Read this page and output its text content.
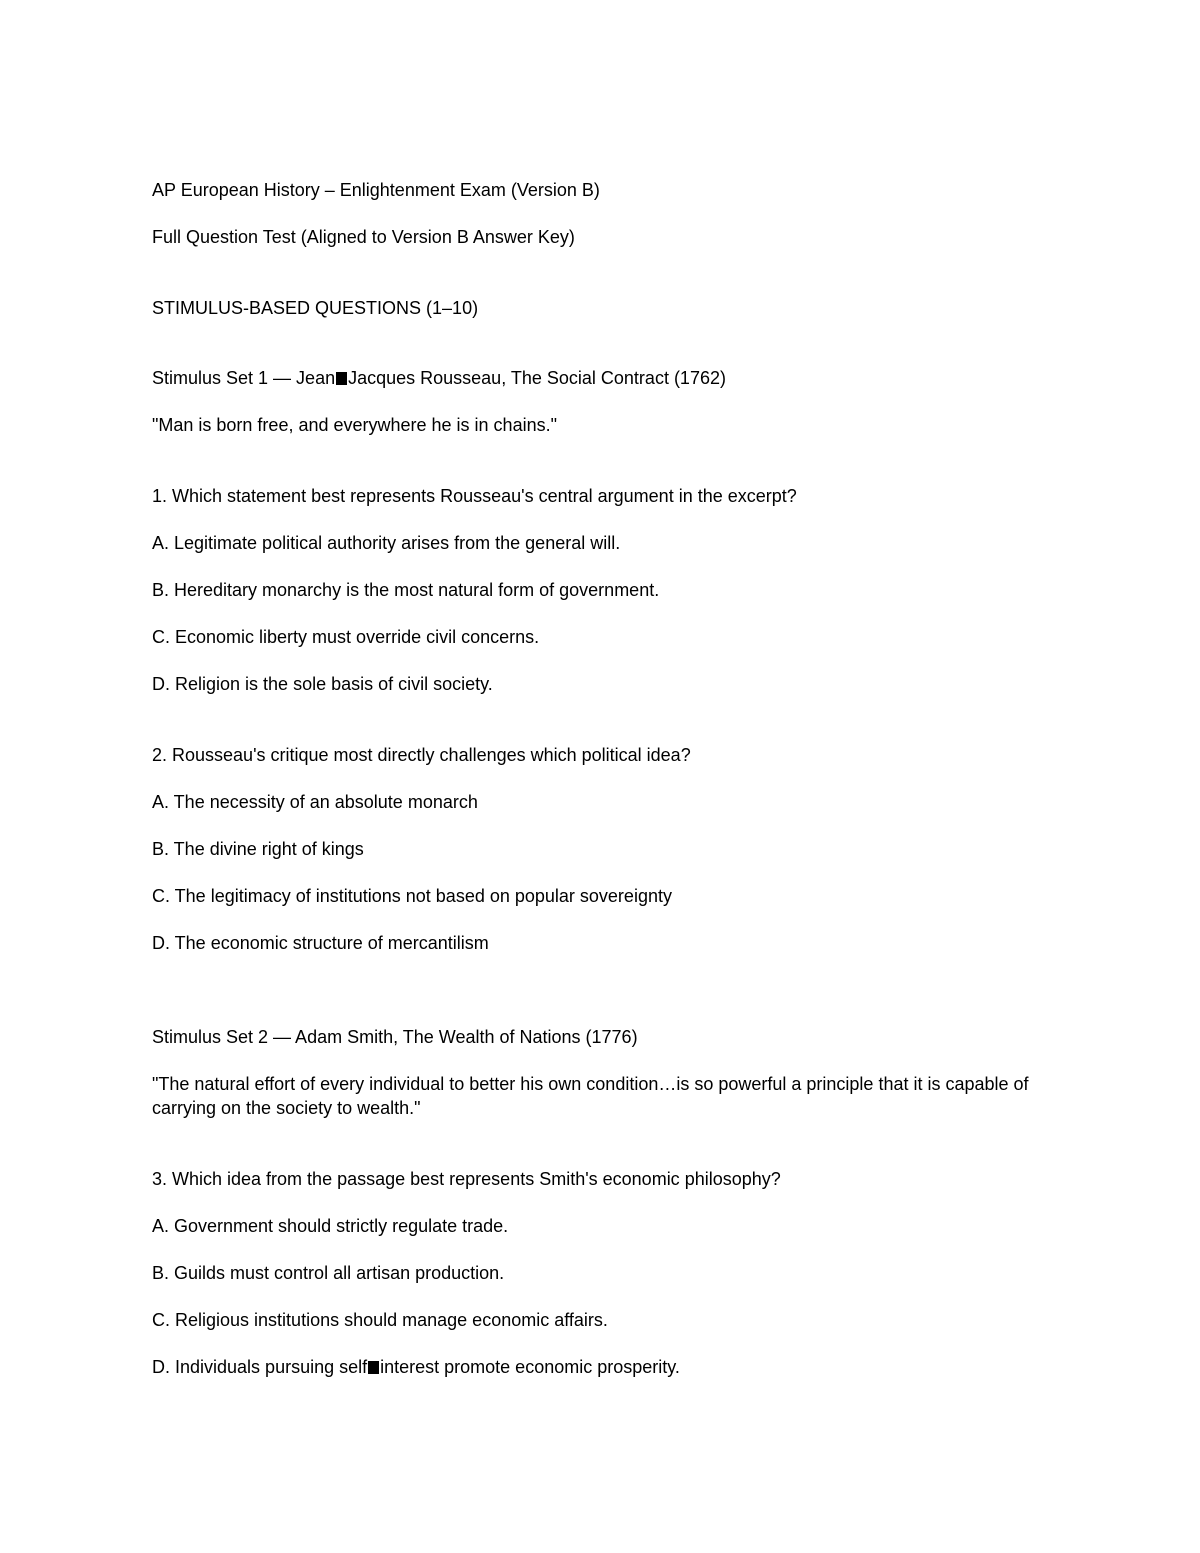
AP European History – Enlightenment Exam (Version B)
Full Question Test (Aligned to Version B Answer Key)
STIMULUS-BASED QUESTIONS (1–10)
Stimulus Set 1 — Jean Jacques Rousseau, The Social Contract (1762)
"Man is born free, and everywhere he is in chains."
1. Which statement best represents Rousseau's central argument in the excerpt?
A. Legitimate political authority arises from the general will.
B. Hereditary monarchy is the most natural form of government.
C. Economic liberty must override civil concerns.
D. Religion is the sole basis of civil society.
2. Rousseau's critique most directly challenges which political idea?
A. The necessity of an absolute monarch
B. The divine right of kings
C. The legitimacy of institutions not based on popular sovereignty
D. The economic structure of mercantilism
Stimulus Set 2 — Adam Smith, The Wealth of Nations (1776)
"The natural effort of every individual to better his own condition…is so powerful a principle that it is capable of carrying on the society to wealth."
3. Which idea from the passage best represents Smith's economic philosophy?
A. Government should strictly regulate trade.
B. Guilds must control all artisan production.
C. Religious institutions should manage economic affairs.
D. Individuals pursuing self interest promote economic prosperity.
